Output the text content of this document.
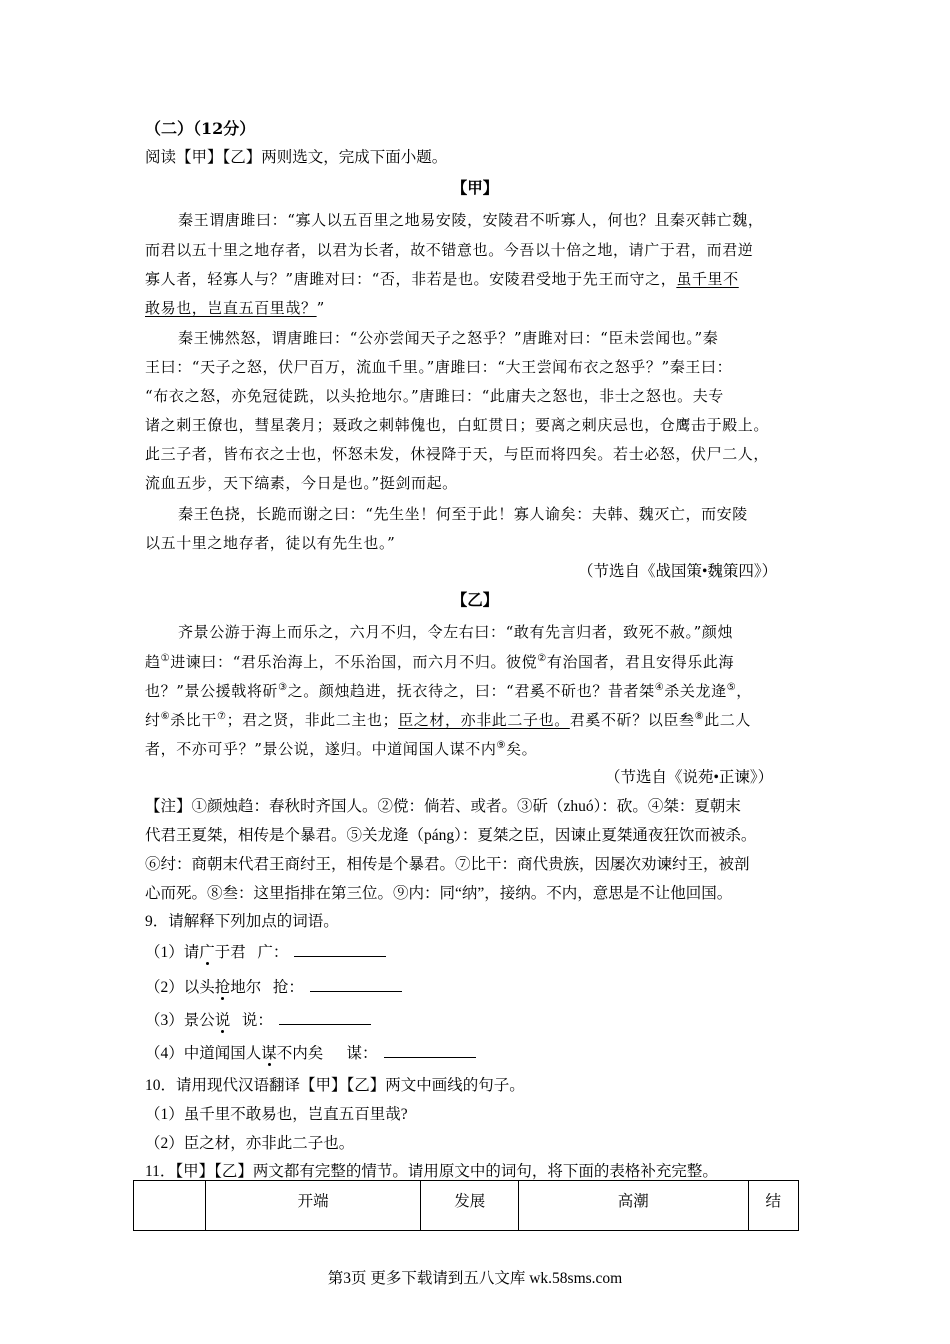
（二）（12分）
阅读【甲】【乙】两则选文，完成下面小题。
【甲】
秦王谓唐雎曰：“寡人以五百里之地易安陵，安陵君不听寡人，何也？且秦灭韩亡魏，
而君以五十里之地存者，以君为长者，故不错意也。今吾以十倍之地，请广于君，而君逆
寡人者，轻寡人与？”唐雎对曰：“否，非若是也。安陵君受地于先王而守之，虽千里不
敢易也，岂直五百里哉？”
秦王怫然怒，谓唐雎曰：“公亦尝闻天子之怒乎？”唐雎对曰：“臣未尝闻也。”秦
王曰：“天子之怒，伏尸百万，流血千里。”唐雎曰：“大王尝闻布衣之怒乎？”秦王曰：
“布衣之怒，亦免冠徒跣，以头抢地尔。”唐雎曰：“此庸夫之怒也，非士之怒也。夫专
诸之刺王僚也，彗星袭月；聂政之刺韩傀也，白虹贯日；要离之刺庆忌也，仓鹰击于殿上。
此三子者，皆布衣之士也，怀怒未发，休祲降于天，与臣而将四矣。若士必怒，伏尸二人，
流血五步，天下缟素，今日是也。”挺剑而起。
秦王色挠，长跪而谢之曰：“先生坐！何至于此！寡人谕矣：夫韩、魏灭亡，而安陵
以五十里之地存者，徒以有先生也。”
（节选自《战国策•魏策四》）
【乙】
齐景公游于海上而乐之，六月不归，令左右曰：“敢有先言归者，致死不赦。”颜烛
趋①进谏曰：“君乐治海上，不乐治国，而六月不归。彼傥②有治国者，君且安得乐此海
也？”景公援戟将斫③之。颜烛趋进，抚衣待之，曰：“君奚不斫也？昔者桀④杀关龙逄⑤，
纣⑥杀比干⑦；君之贤，非此二主也；臣之材，亦非此二子也。君奚不斫？以臣叁⑧此二人
者，不亦可乎？”景公说，遂归。中道闻国人谋不内⑨矣。
（节选自《说苑•正谏》）
【注】①颜烛趋：春秋时齐国人。②傥：倘若、或者。③斫（zhuó）：砍。④桀：夏朝末
代君王夏桀，相传是个暴君。⑤关龙逄（páng）：夏桀之臣，因谏止夏桀通夜狂饮而被杀。
⑥纣：商朝末代君王商纣王，相传是个暴君。⑦比干：商代贵族，因屡次劝谏纣王，被剖
心而死。⑧叁：这里指排在第三位。⑨内：同“纳”，接纳。不内，意思是不让他回国。
9．请解释下列加点的词语。
（1）请广于君 广：
（2）以头抢地尔 抢：
（3）景公说 说：
（4）中道闻国人谋不内矣 谋：
10．请用现代汉语翻译【甲】【乙】两文中画线的句子。
（1）虽千里不敢易也，岂直五百里哉?
（2）臣之材，亦非此二子也。
11．【甲】【乙】两文都有完整的情节。请用原文中的词句，将下面的表格补充完整。
	开端	发展	高潮	结
第3页 更多下载请到五八文库 wk.58sms.com
